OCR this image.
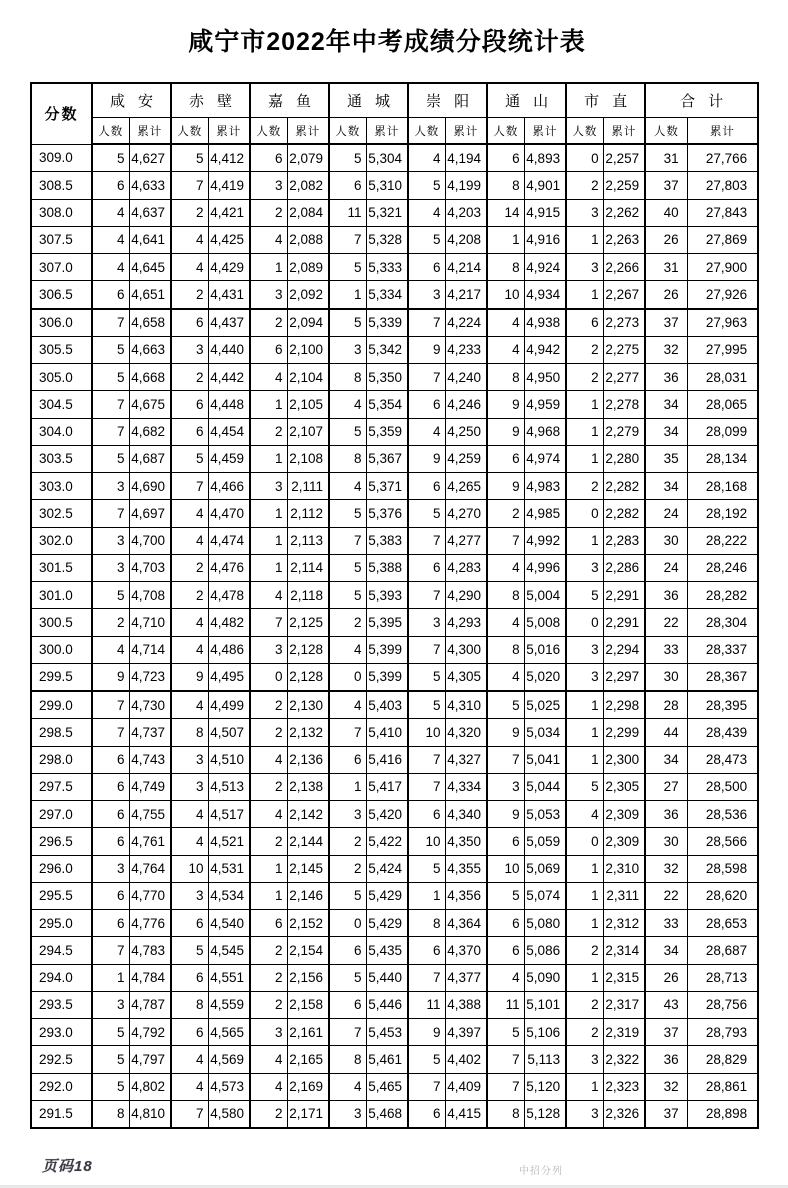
咸宁市2022年中考成绩分段统计表
分数	咸安		赤壁		嘉鱼		通城		崇阳		通山		市直		合计	
	人数	累计	人数	累计	人数	累计	人数	累计	人数	累计	人数	累计	人数	累计	人数	累计
309.0	5	4,627	5	4,412	6	2,079	5	5,304	4	4,194	6	4,893	0	2,257	31	27,766
308.5	6	4,633	7	4,419	3	2,082	6	5,310	5	4,199	8	4,901	2	2,259	37	27,803
308.0	4	4,637	2	4,421	2	2,084	11	5,321	4	4,203	14	4,915	3	2,262	40	27,843
307.5	4	4,641	4	4,425	4	2,088	7	5,328	5	4,208	1	4,916	1	2,263	26	27,869
307.0	4	4,645	4	4,429	1	2,089	5	5,333	6	4,214	8	4,924	3	2,266	31	27,900
306.5	6	4,651	2	4,431	3	2,092	1	5,334	3	4,217	10	4,934	1	2,267	26	27,926
306.0	7	4,658	6	4,437	2	2,094	5	5,339	7	4,224	4	4,938	6	2,273	37	27,963
305.5	5	4,663	3	4,440	6	2,100	3	5,342	9	4,233	4	4,942	2	2,275	32	27,995
305.0	5	4,668	2	4,442	4	2,104	8	5,350	7	4,240	8	4,950	2	2,277	36	28,031
304.5	7	4,675	6	4,448	1	2,105	4	5,354	6	4,246	9	4,959	1	2,278	34	28,065
304.0	7	4,682	6	4,454	2	2,107	5	5,359	4	4,250	9	4,968	1	2,279	34	28,099
303.5	5	4,687	5	4,459	1	2,108	8	5,367	9	4,259	6	4,974	1	2,280	35	28,134
303.0	3	4,690	7	4,466	3	2,111	4	5,371	6	4,265	9	4,983	2	2,282	34	28,168
302.5	7	4,697	4	4,470	1	2,112	5	5,376	5	4,270	2	4,985	0	2,282	24	28,192
302.0	3	4,700	4	4,474	1	2,113	7	5,383	7	4,277	7	4,992	1	2,283	30	28,222
301.5	3	4,703	2	4,476	1	2,114	5	5,388	6	4,283	4	4,996	3	2,286	24	28,246
301.0	5	4,708	2	4,478	4	2,118	5	5,393	7	4,290	8	5,004	5	2,291	36	28,282
300.5	2	4,710	4	4,482	7	2,125	2	5,395	3	4,293	4	5,008	0	2,291	22	28,304
300.0	4	4,714	4	4,486	3	2,128	4	5,399	7	4,300	8	5,016	3	2,294	33	28,337
299.5	9	4,723	9	4,495	0	2,128	0	5,399	5	4,305	4	5,020	3	2,297	30	28,367
299.0	7	4,730	4	4,499	2	2,130	4	5,403	5	4,310	5	5,025	1	2,298	28	28,395
298.5	7	4,737	8	4,507	2	2,132	7	5,410	10	4,320	9	5,034	1	2,299	44	28,439
298.0	6	4,743	3	4,510	4	2,136	6	5,416	7	4,327	7	5,041	1	2,300	34	28,473
297.5	6	4,749	3	4,513	2	2,138	1	5,417	7	4,334	3	5,044	5	2,305	27	28,500
297.0	6	4,755	4	4,517	4	2,142	3	5,420	6	4,340	9	5,053	4	2,309	36	28,536
296.5	6	4,761	4	4,521	2	2,144	2	5,422	10	4,350	6	5,059	0	2,309	30	28,566
296.0	3	4,764	10	4,531	1	2,145	2	5,424	5	4,355	10	5,069	1	2,310	32	28,598
295.5	6	4,770	3	4,534	1	2,146	5	5,429	1	4,356	5	5,074	1	2,311	22	28,620
295.0	6	4,776	6	4,540	6	2,152	0	5,429	8	4,364	6	5,080	1	2,312	33	28,653
294.5	7	4,783	5	4,545	2	2,154	6	5,435	6	4,370	6	5,086	2	2,314	34	28,687
294.0	1	4,784	6	4,551	2	2,156	5	5,440	7	4,377	4	5,090	1	2,315	26	28,713
293.5	3	4,787	8	4,559	2	2,158	6	5,446	11	4,388	11	5,101	2	2,317	43	28,756
293.0	5	4,792	6	4,565	3	2,161	7	5,453	9	4,397	5	5,106	2	2,319	37	28,793
292.5	5	4,797	4	4,569	4	2,165	8	5,461	5	4,402	7	5,113	3	2,322	36	28,829
292.0	5	4,802	4	4,573	4	2,169	4	5,465	7	4,409	7	5,120	1	2,323	32	28,861
291.5	8	4,810	7	4,580	2	2,171	3	5,468	6	4,415	8	5,128	3	2,326	37	28,898
页码18	中招分列
